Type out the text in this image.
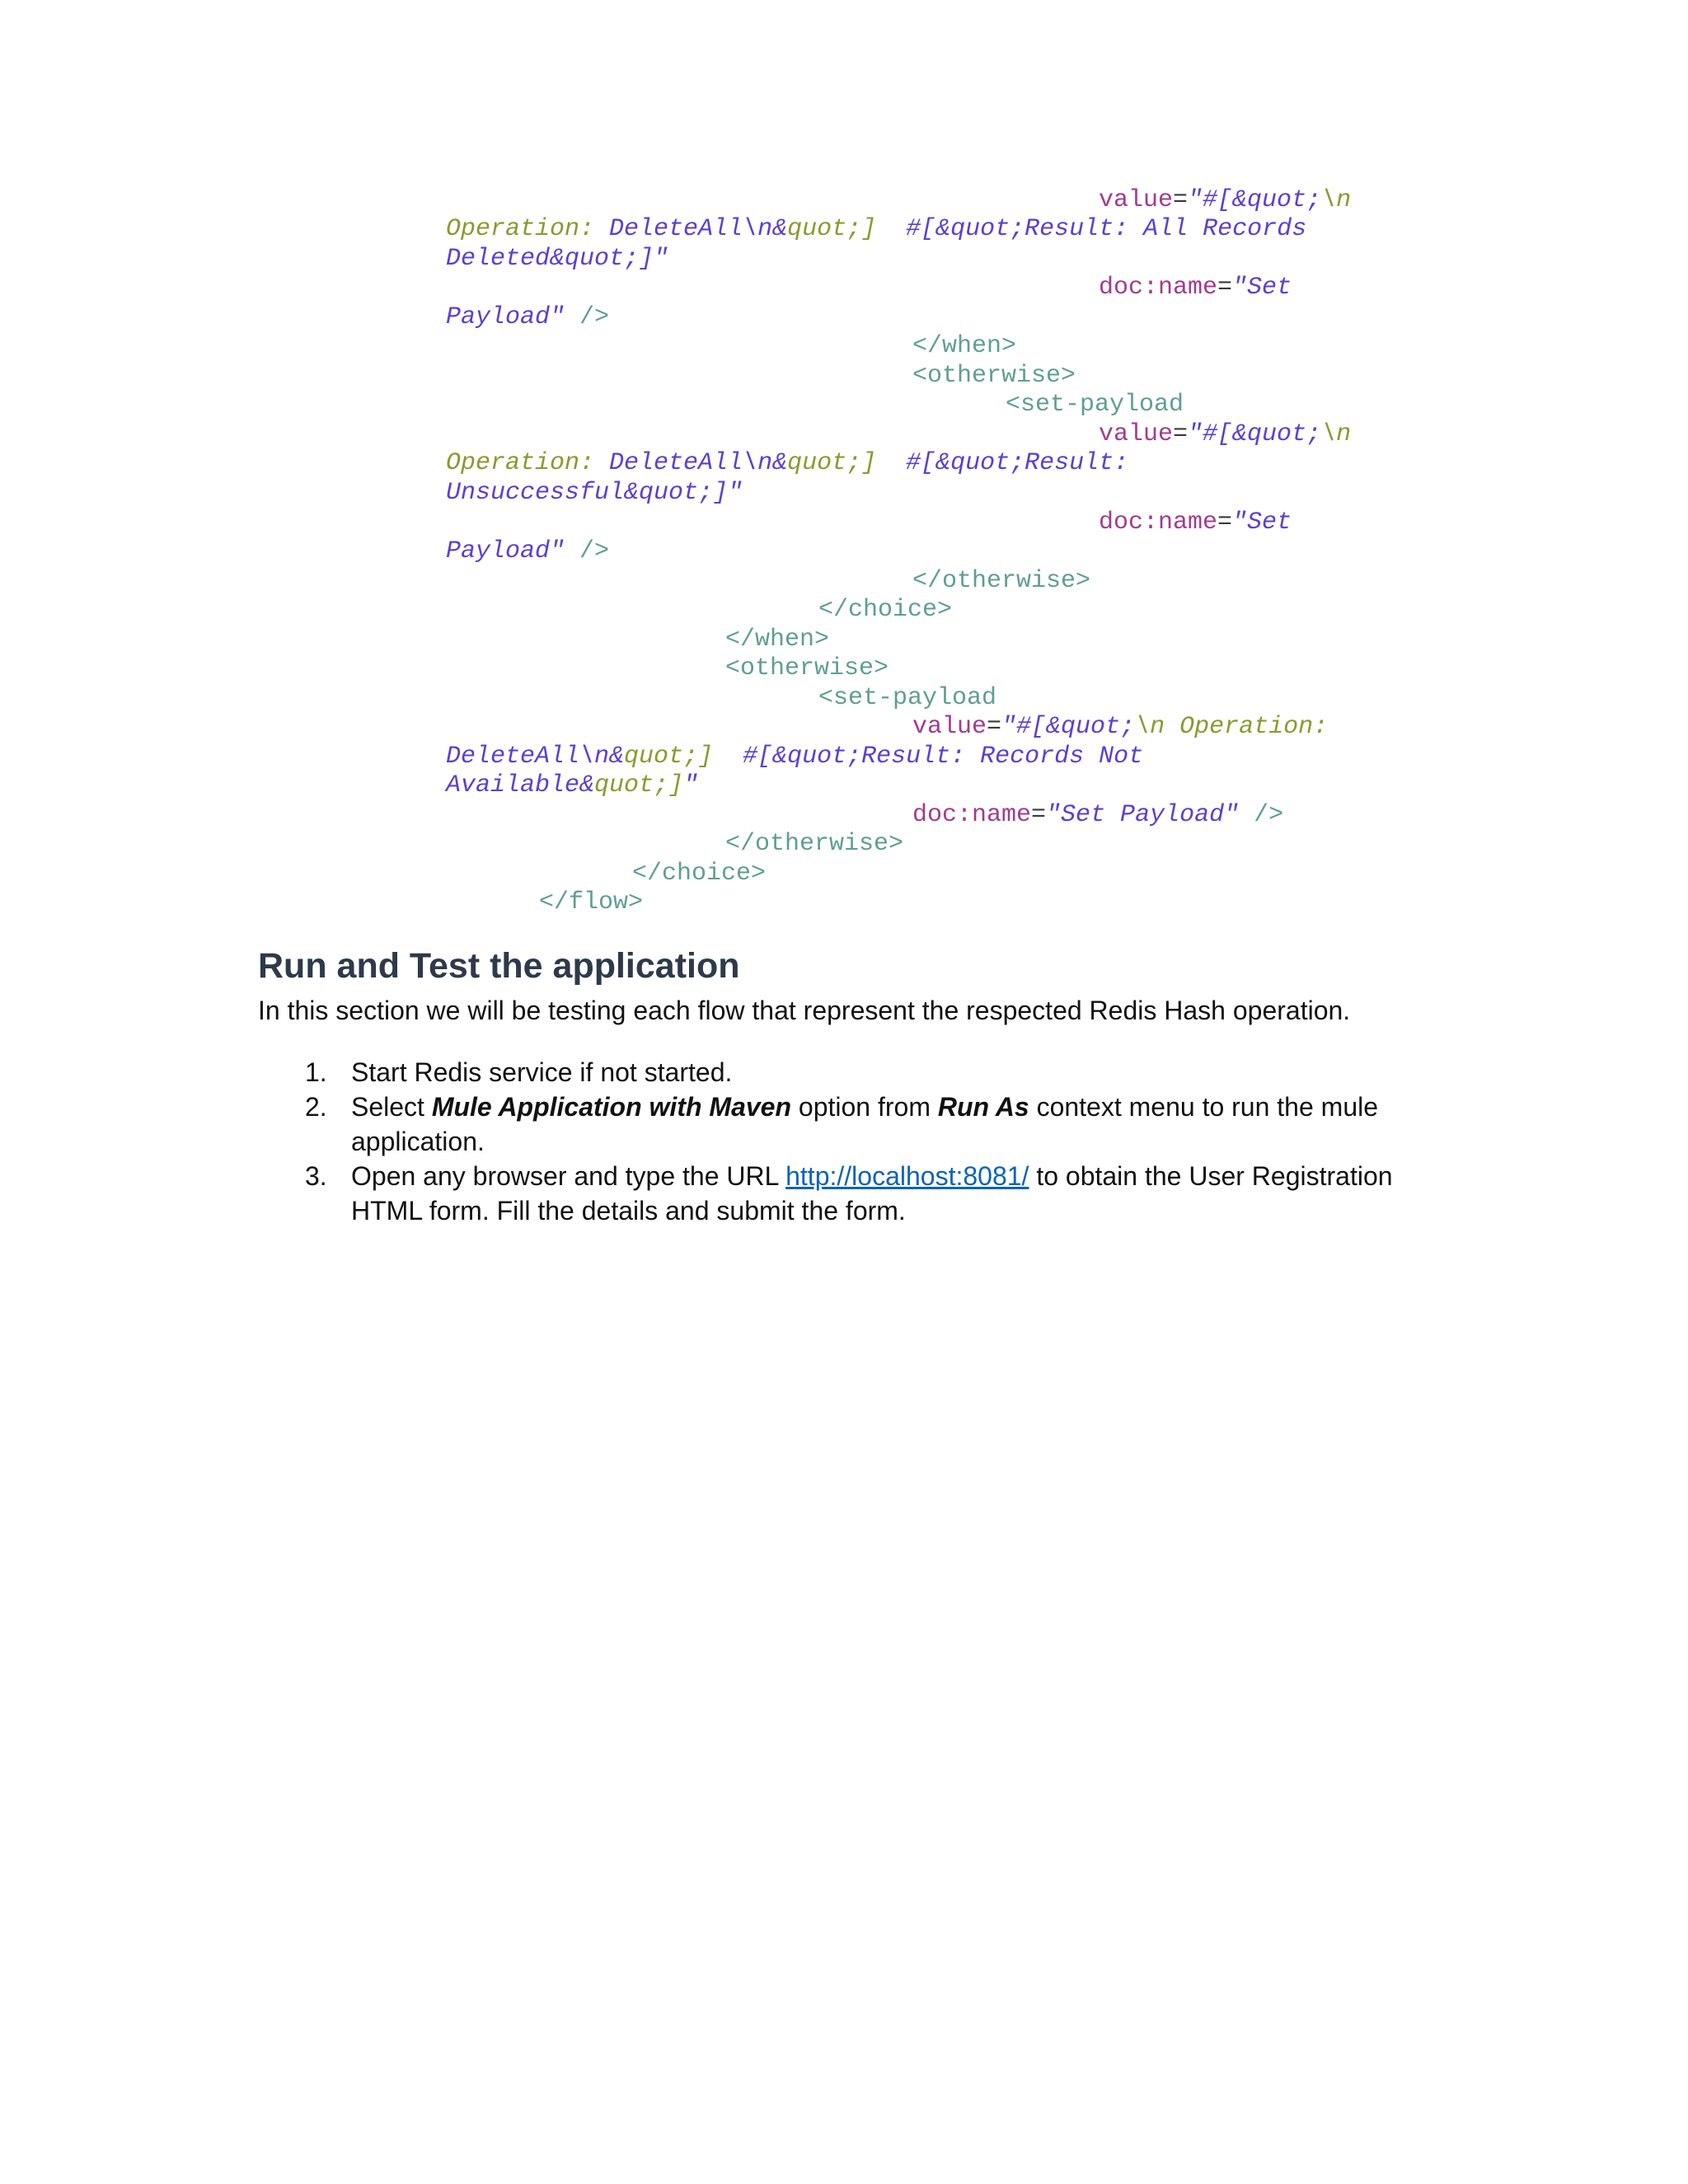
value="#[&quot;\n
Operation: DeleteAll\n&quot;]  #[&quot;Result: All Records
Deleted&quot;]"
doc:name="Set
Payload" />
</when>
<otherwise>
<set-payload
value="#[&quot;\n
Operation: DeleteAll\n&quot;]  #[&quot;Result:
Unsuccessful&quot;]"
doc:name="Set
Payload" />
</otherwise>
</choice>
</when>
<otherwise>
<set-payload
value="#[&quot;\n Operation:
DeleteAll\n&quot;]  #[&quot;Result: Records Not
Available&quot;]"
doc:name="Set Payload" />
</otherwise>
</choice>
</flow>
Run and Test the application
In this section we will be testing each flow that represent the respected Redis Hash operation.
1. Start Redis service if not started.
2. Select Mule Application with Maven option from Run As context menu to run the mule application.
3. Open any browser and type the URL http://localhost:8081/ to obtain the User Registration HTML form. Fill the details and submit the form.
